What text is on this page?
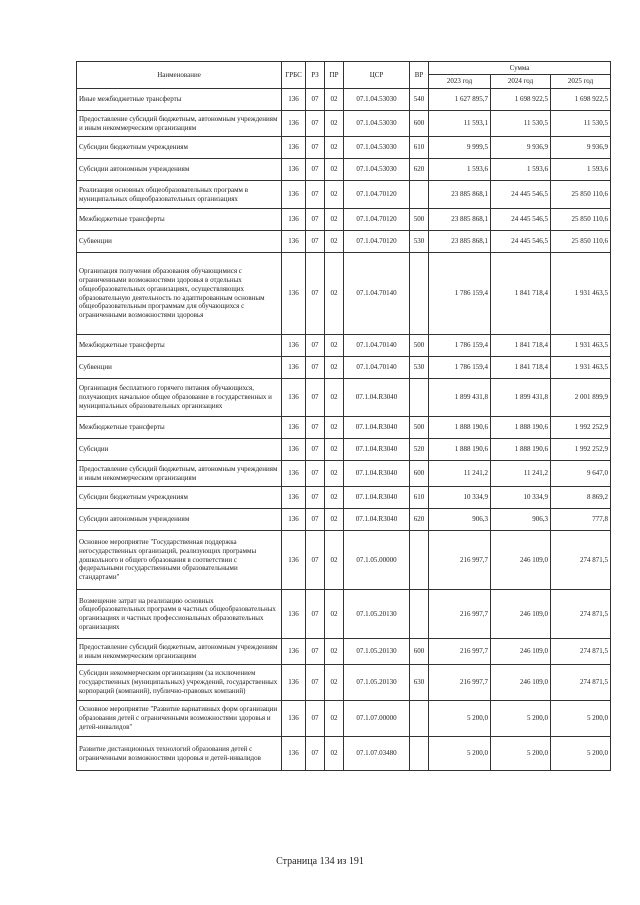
Наименование	ГРБС	РЗ	ПР	ЦСР	ВР	Сумма		
						2023 год	2024 год	2025 год
Иные межбюджетные трансферты	136	07	02	07.1.04.53030	540	1 627 895,7	1 698 922,5	1 698 922,5
Предоставление субсидий бюджетным, автономным учреждениям и иным некоммерческим организациям	136	07	02	07.1.04.53030	600	11 593,1	11 530,5	11 530,5
Субсидии бюджетным учреждениям	136	07	02	07.1.04.53030	610	9 999,5	9 936,9	9 936,9
Субсидии автономным учреждениям	136	07	02	07.1.04.53030	620	1 593,6	1 593,6	1 593,6
Реализация основных общеобразовательных программ в муниципальных общеобразовательных организациях	136	07	02	07.1.04.70120		23 885 868,1	24 445 546,5	25 850 110,6
Межбюджетные трансферты	136	07	02	07.1.04.70120	500	23 885 868,1	24 445 546,5	25 850 110,6
Субвенции	136	07	02	07.1.04.70120	530	23 885 868,1	24 445 546,5	25 850 110,6
Организация получения образования обучающимися с ограниченными возможностями здоровья в отдельных общеобразовательных организациях, осуществляющих образовательную деятельность по адаптированным основным общеобразовательным программам для обучающихся с ограниченными возможностями здоровья	136	07	02	07.1.04.70140		1 786 159,4	1 841 718,4	1 931 463,5
Межбюджетные трансферты	136	07	02	07.1.04.70140	500	1 786 159,4	1 841 718,4	1 931 463,5
Субвенции	136	07	02	07.1.04.70140	530	1 786 159,4	1 841 718,4	1 931 463,5
Организация бесплатного горячего питания обучающихся, получающих начальное общее образование в государственных и муниципальных образовательных организациях	136	07	02	07.1.04.R3040		1 899 431,8	1 899 431,8	2 001 899,9
Межбюджетные трансферты	136	07	02	07.1.04.R3040	500	1 888 190,6	1 888 190,6	1 992 252,9
Субсидии	136	07	02	07.1.04.R3040	520	1 888 190,6	1 888 190,6	1 992 252,9
Предоставление субсидий бюджетным, автономным учреждениям и иным некоммерческим организациям	136	07	02	07.1.04.R3040	600	11 241,2	11 241,2	9 647,0
Субсидии бюджетным учреждениям	136	07	02	07.1.04.R3040	610	10 334,9	10 334,9	8 869,2
Субсидии автономным учреждениям	136	07	02	07.1.04.R3040	620	906,3	906,3	777,8
Основное мероприятие "Государственная поддержка негосударственных организаций, реализующих программы дошкольного и общего образования в соответствии с федеральными государственными образовательными стандартами"	136	07	02	07.1.05.00000		216 997,7	246 109,0	274 871,5
Возмещение затрат на реализацию основных общеобразовательных программ в частных общеобразовательных организациях и частных профессиональных образовательных организациях	136	07	02	07.1.05.20130		216 997,7	246 109,0	274 871,5
Предоставление субсидий бюджетным, автономным учреждениям и иным некоммерческим организациям	136	07	02	07.1.05.20130	600	216 997,7	246 109,0	274 871,5
Субсидии некоммерческим организациям (за исключением государственных (муниципальных) учреждений, государственных корпораций (компаний), публично-правовых компаний)	136	07	02	07.1.05.20130	630	216 997,7	246 109,0	274 871,5
Основное мероприятие "Развитие вариативных форм организации образования детей с ограниченными возможностями здоровья и детей-инвалидов"	136	07	02	07.1.07.00000		5 200,0	5 200,0	5 200,0
Развитие дистанционных технологий образования детей с ограниченными возможностями здоровья и детей-инвалидов	136	07	02	07.1.07.03480		5 200,0	5 200,0	5 200,0
Страница 134 из 191
